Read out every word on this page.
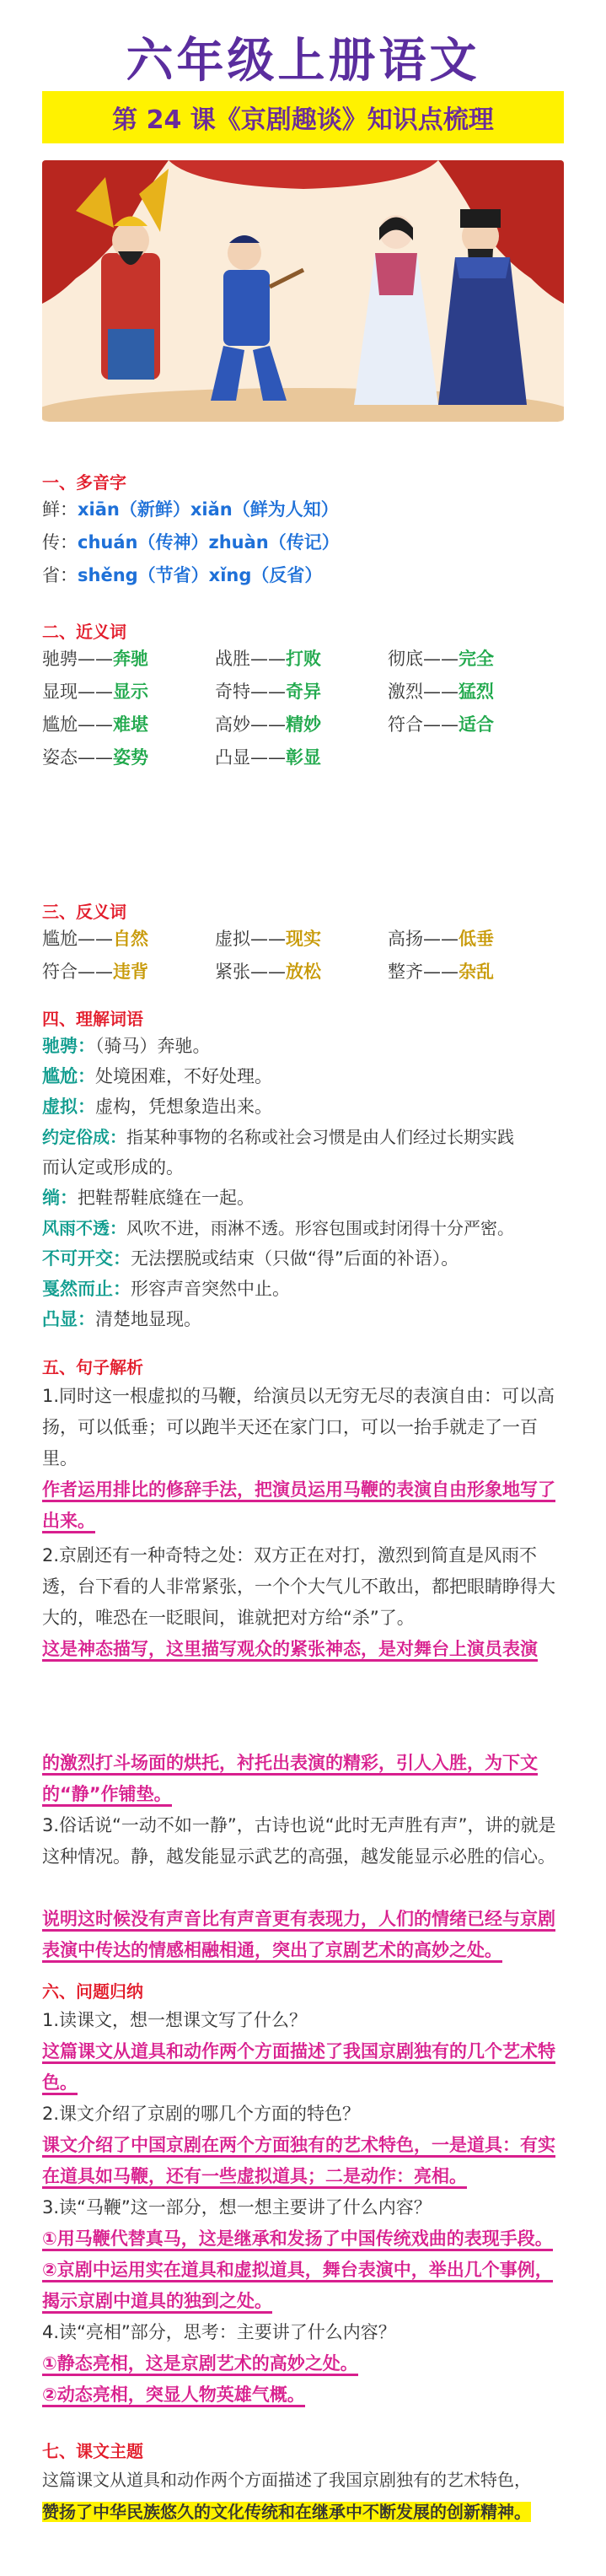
六年级上册语文
第 24 课《京剧趣谈》知识点梳理
一、多音字
鲜：xiān（新鲜）xiǎn（鲜为人知）
传：chuán（传神）zhuàn（传记）
省：shěng（节省）xǐng（反省）
二、近义词
驰骋——奔驰	战胜——打败	彻底——完全
显现——显示	奇特——奇异	激烈——猛烈
尴尬——难堪	高妙——精妙	符合——适合
姿态——姿势	凸显——彰显
三、反义词
尴尬——自然	虚拟——现实	高扬——低垂
符合——违背	紧张——放松	整齐——杂乱
四、理解词语
驰骋：（骑马）奔驰。
尴尬：处境困难，不好处理。
虚拟：虚构，凭想象造出来。
约定俗成：指某种事物的名称或社会习惯是由人们经过长期实践
而认定或形成的。
绱：把鞋帮鞋底缝在一起。
风雨不透：风吹不进，雨淋不透。形容包围或封闭得十分严密。
不可开交：无法摆脱或结束（只做“得”后面的补语）。
戛然而止：形容声音突然中止。
凸显：清楚地显现。
五、句子解析
1.同时这一根虚拟的马鞭，给演员以无穷无尽的表演自由：可以高扬，可以低垂；可以跑半天还在家门口，可以一抬手就走了一百里。
作者运用排比的修辞手法，把演员运用马鞭的表演自由形象地写了出来。
2.京剧还有一种奇特之处：双方正在对打，激烈到简直是风雨不透，台下看的人非常紧张，一个个大气儿不敢出，都把眼睛睁得大大的，唯恐在一眨眼间，谁就把对方给“杀”了。
这是神态描写，这里描写观众的紧张神态，是对舞台上演员表演
的激烈打斗场面的烘托，衬托出表演的精彩，引人入胜，为下文的“静”作铺垫。
3.俗话说“一动不如一静”，古诗也说“此时无声胜有声”，讲的就是这种情况。静，越发能显示武艺的高强，越发能显示必胜的信心。
说明这时候没有声音比有声音更有表现力，人们的情绪已经与京剧表演中传达的情感相融相通，突出了京剧艺术的高妙之处。
六、问题归纳
1.读课文，想一想课文写了什么？
这篇课文从道具和动作两个方面描述了我国京剧独有的几个艺术特色。
2.课文介绍了京剧的哪几个方面的特色？
课文介绍了中国京剧在两个方面独有的艺术特色，一是道具：有实在道具如马鞭，还有一些虚拟道具；二是动作：亮相。
3.读“马鞭”这一部分，想一想主要讲了什么内容？
①用马鞭代替真马，这是继承和发扬了中国传统戏曲的表现手段。
②京剧中运用实在道具和虚拟道具，舞台表演中，举出几个事例，揭示京剧中道具的独到之处。
4.读“亮相”部分，思考：主要讲了什么内容？
①静态亮相，这是京剧艺术的高妙之处。
②动态亮相，突显人物英雄气概。
七、课文主题
这篇课文从道具和动作两个方面描述了我国京剧独有的艺术特色，
赞扬了中华民族悠久的文化传统和在继承中不断发展的创新精神。
